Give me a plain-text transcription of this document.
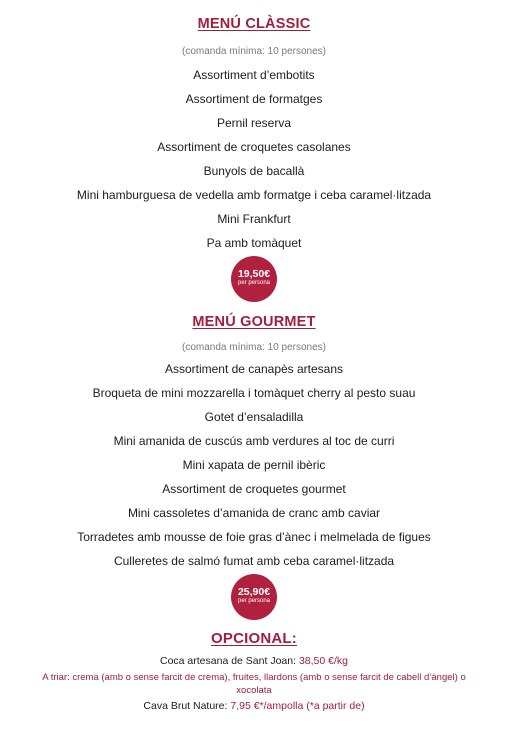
MENÚ CLÀSSIC
(comanda mínima: 10 persones)
Assortiment d’embotits
Assortiment de formatges
Pernil reserva
Assortiment de croquetes casolanes
Bunyols de bacallà
Mini hamburguesa de vedella amb formatge i ceba caramel·litzada
Mini Frankfurt
Pa amb tomàquet
19,50€
per persona
MENÚ GOURMET
(comanda mínima: 10 persones)
Assortiment de canapès artesans
Broqueta de mini mozzarella i tomàquet cherry al pesto suau
Gotet d’ensaladilla
Mini amanida de cuscús amb verdures al toc de curri
Mini xapata de pernil ibèric
Assortiment de croquetes gourmet
Mini cassoletes d’amanida de cranc amb caviar
Torradetes amb mousse de foie gras d’ànec i melmelada de figues
Culleretes de salmó fumat amb ceba caramel·litzada
25,90€
per persona
OPCIONAL:
Coca artesana de Sant Joan: 38,50 €/kg
A triar: crema (amb o sense farcit de crema), fruites, llardons (amb o sense farcit de cabell d’àngel) o
xocolata
Cava Brut Nature: 7,95 €*/ampolla (*a partir de)
